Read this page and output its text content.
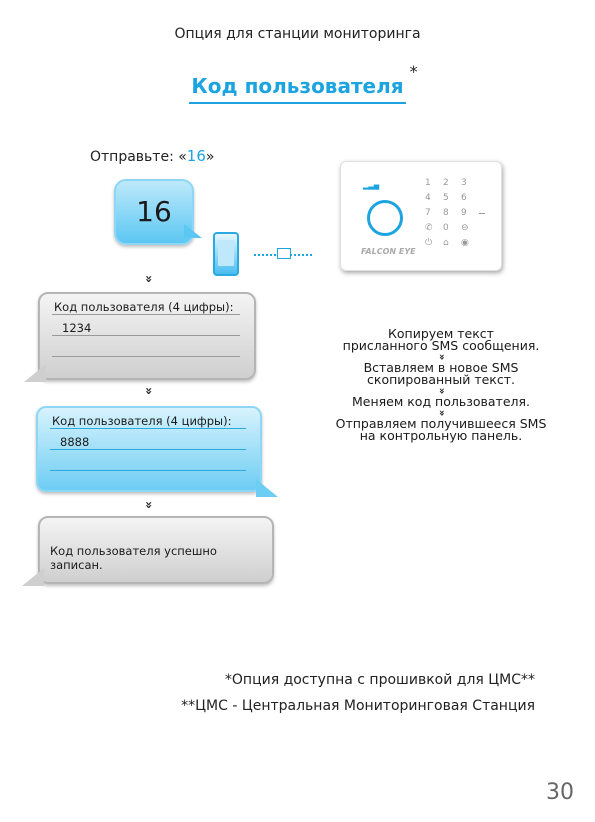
Опция для станции мониторинга
Код пользователя
*
Отправьте: «16»
16
▂▃▅
FALCON EYE
1	2	3
4	5	6
7	8	9
✆	0	⊖
⏻	⌂	◉
»
Код пользователя (4 цифры):
1234
»
Код пользователя (4 цифры):
8888
»
Код пользователя успешно записан.
Копируем текст
присланного SMS сообщения.
»
Вставляем в новое SMS
скопированный текст.
»
Меняем код пользователя.
»
Отправляем получившееся SMS
на контрольную панель.
*Опция доступна с прошивкой для ЦМС**
**ЦМС - Центральная Мониторинговая Станция
30
